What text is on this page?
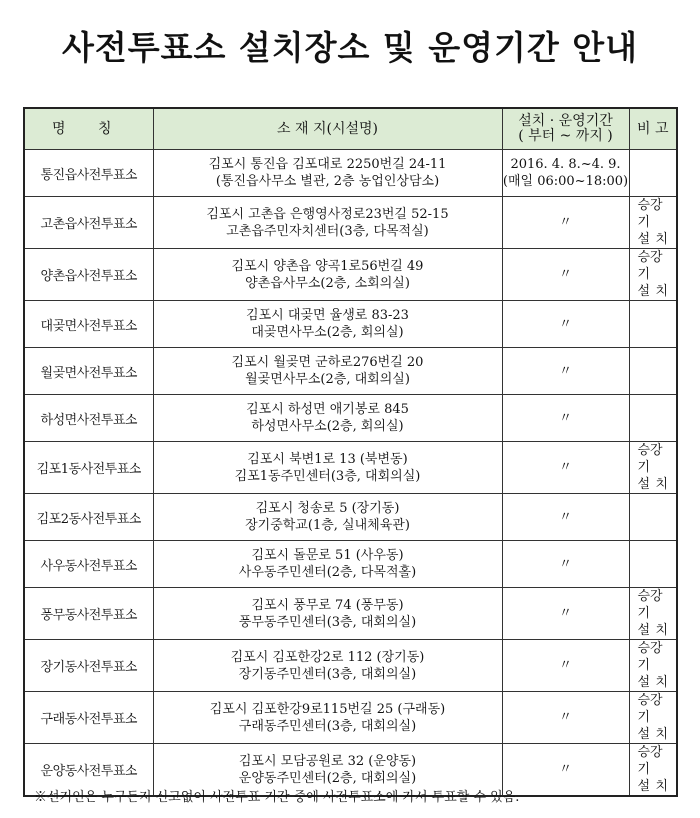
사전투표소 설치장소 및 운영기간 안내
명 칭	소 재 지(시설명)	설치 · 운영기간
( 부터 ~ 까지 )	비 고
통진읍사전투표소	김포시 통진읍 김포대로 2250번길 24-11
(통진읍사무소 별관, 2층 농업인상담소)	2016. 4. 8.~4. 9.
(매일 06:00~18:00)	

고촌읍사전투표소	김포시 고촌읍 은행영사정로23번길 52-15
고촌읍주민자치센터(3층, 다목적실)	〃	승강기
설 치

양촌읍사전투표소	김포시 양촌읍 양곡1로56번길 49
양촌읍사무소(2층, 소회의실)	〃	승강기
설 치

대곶면사전투표소	김포시 대곶면 율생로 83-23
대곶면사무소(2층, 회의실)	〃	

월곶면사전투표소	김포시 월곶면 군하로276번길 20
월곶면사무소(2층, 대회의실)	〃	

하성면사전투표소	김포시 하성면 애기봉로 845
하성면사무소(2층, 회의실)	〃	

김포1동사전투표소	김포시 북변1로 13 (북변동)
김포1동주민센터(3층, 대회의실)	〃	승강기
설 치

김포2동사전투표소	김포시 청송로 5 (장기동)
장기중학교(1층, 실내체육관)	〃	

사우동사전투표소	김포시 돌문로 51 (사우동)
사우동주민센터(2층, 다목적홀)	〃	

풍무동사전투표소	김포시 풍무로 74 (풍무동)
풍무동주민센터(3층, 대회의실)	〃	승강기
설 치

장기동사전투표소	김포시 김포한강2로 112 (장기동)
장기동주민센터(3층, 대회의실)	〃	승강기
설 치

구래동사전투표소	김포시 김포한강9로115번길 25 (구래동)
구래동주민센터(3층, 대회의실)	〃	승강기
설 치

운양동사전투표소	김포시 모담공원로 32 (운양동)
운양동주민센터(2층, 대회의실)	〃	승강기
설 치
※선거인은 누구든지 신고없이 사전투표 기간 중에 사전투표소에 가서 투표할 수 있음.
